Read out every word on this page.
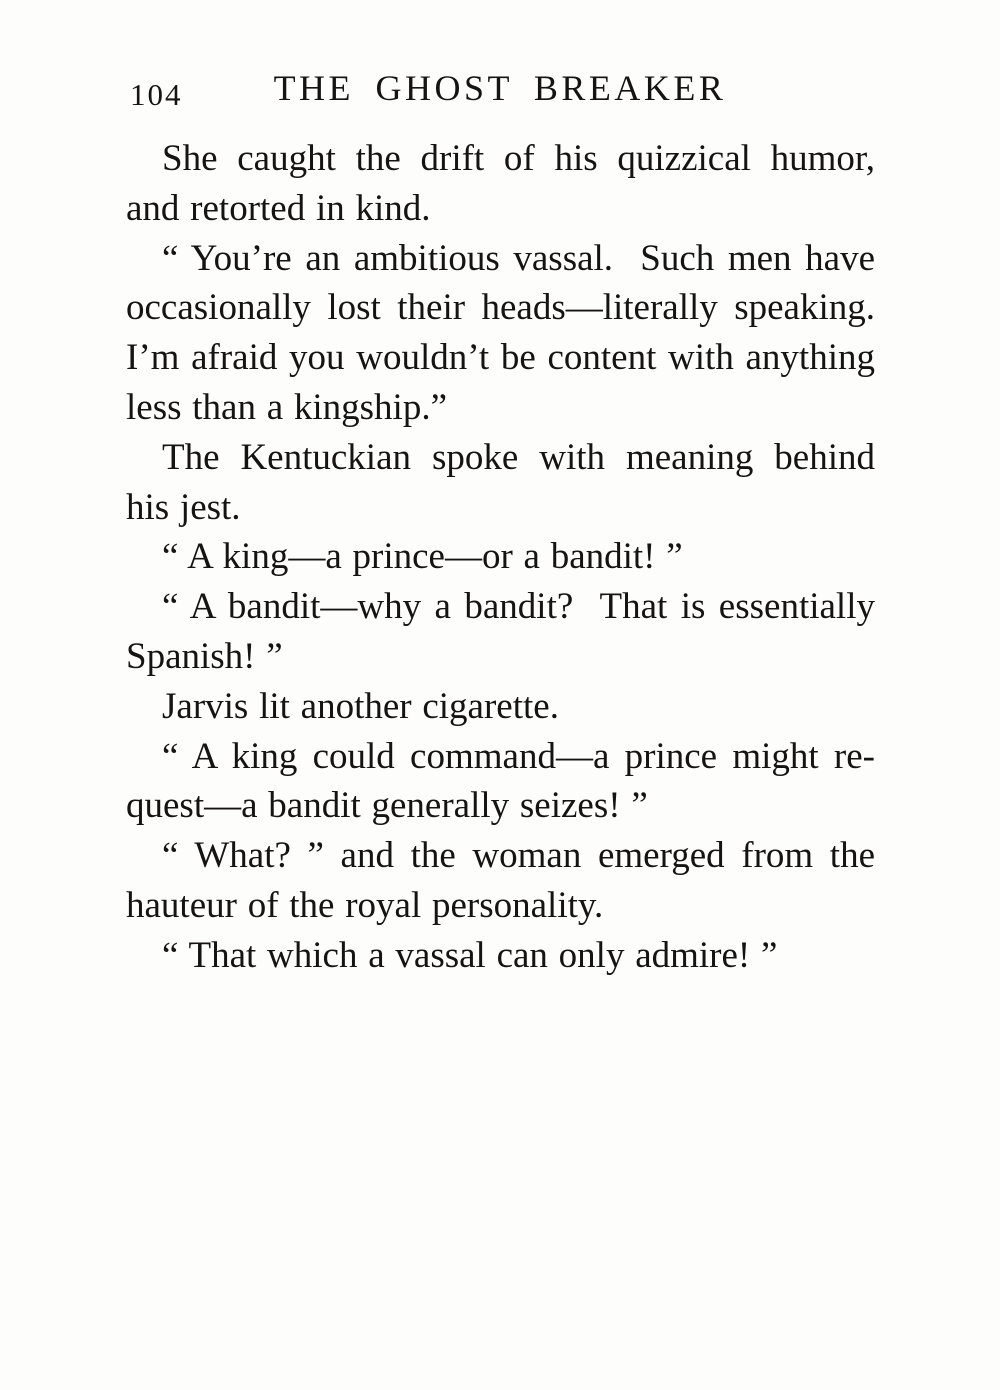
104	THE GHOST BREAKER
She caught the drift of his quizzical humor,
and retorted in kind.
“ You’re an ambitious vassal.  Such men have
occasionally lost their heads—literally speaking.
I’m afraid you wouldn’t be content with anything
less than a kingship.”
The Kentuckian spoke with meaning behind
his jest.
“ A king—a prince—or a bandit! ”
“ A bandit—why a bandit?  That is essentially
Spanish! ”
Jarvis lit another cigarette.
“ A king could command—a prince might re-
quest—a bandit generally seizes! ”
“ What? ” and the woman emerged from the
hauteur of the royal personality.
“ That which a vassal can only admire! ”
